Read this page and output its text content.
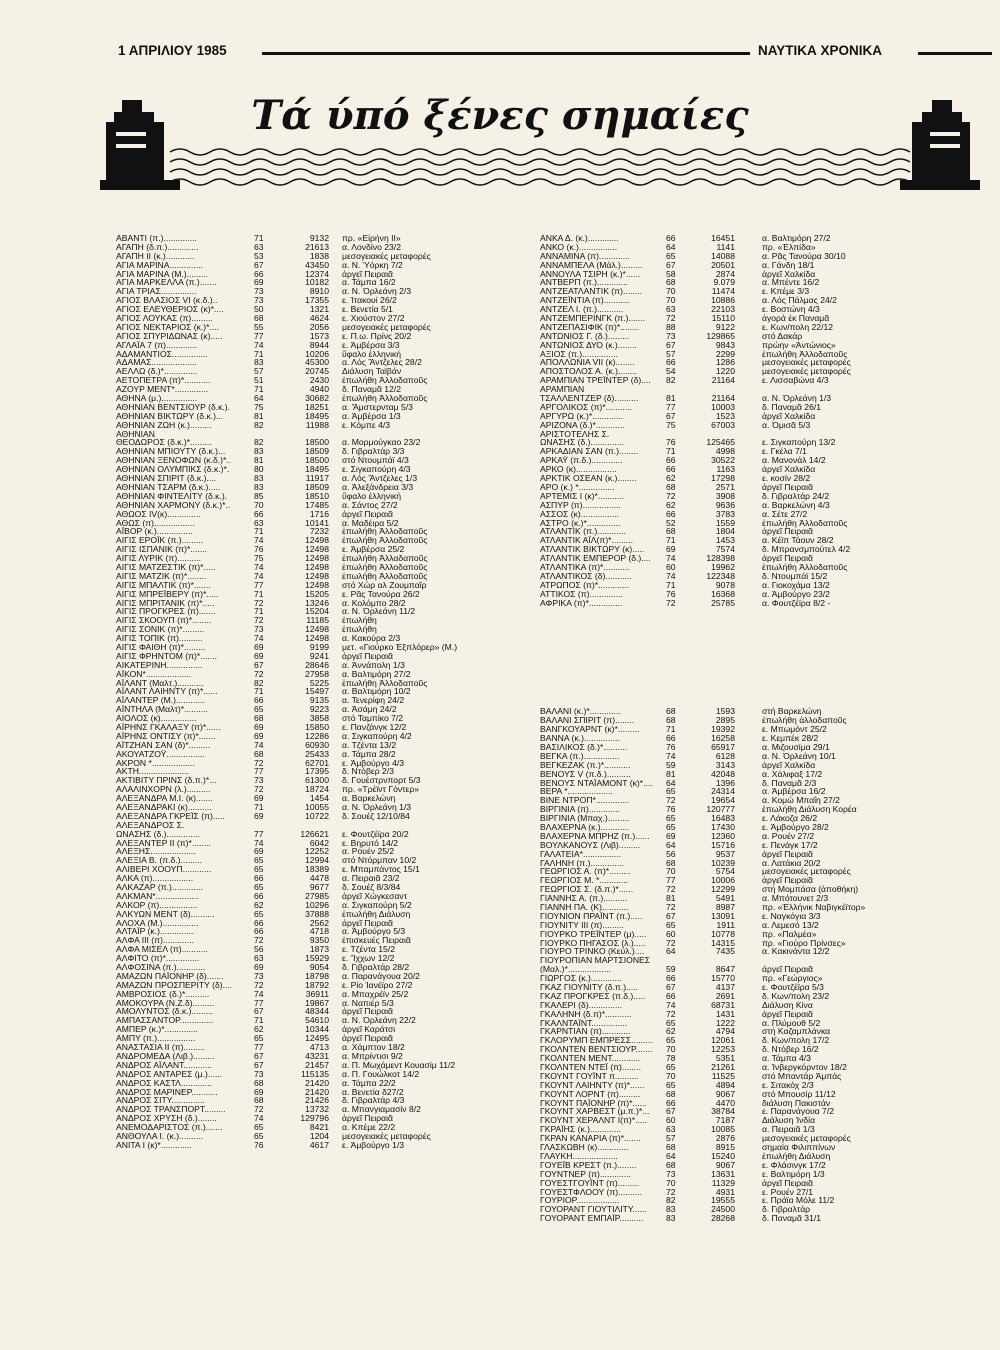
1 ΑΠΡΙΛΙΟΥ 1985	ΝΑΥΤΙΚΑ ΧΡΟΝΙΚΑ
Τά ύπό ξένες σημαίες
ΑΒΑΝΤΙ (π.)..............	71	9132 πρ. «Εἰρήνη ΙΙ»
ΑΓΑΠΗ (δ.π.).............	63	21613 α. Λονδίνο 23/2
ΑΓΑΠΗ ΙΙ (κ.)............	53	1838 μεσογειακές μεταφορές
ΑΓΙΑ ΜΑΡΙΝΑ..............	67	43450 α. Ν. Ὑόρκη 7/2
ΑΓΙΑ ΜΑΡΙΝΑ (Μ.).........	66	12374 ἀργεῖ Πειραιᾶ
ΑΓΙΑ ΜΑΡΚΕΛΛΑ (π.).......	69	10182 α. Τάμπα 16/2
ΑΓΙΑ ΤΡΙΑΣ...............	73	8910 α. Ν. Ὀρλεάνη 2/3
ΑΓΙΟΣ ΒΛΑΣΙΟΣ VI (κ.δ.)..	73	17355 ε. Ἰτακουί 26/2
ΑΓΙΟΣ ΕΛΕΥΘΕΡΙΟΣ (κ)*....	50	1321 ε. Βενετία 5/1
ΑΓΙΟΣ ΛΟΥΚΑΣ (π).........	68	4624 ε. Χιούστον 27/2
ΑΓΙΟΣ ΝΕΚΤΑΡΙΟΣ (κ.)*....	55	2056 μεσογειακές μεταφορές
ΑΓΙΟΣ ΣΠΥΡΙΔΩΝΑΣ (κ).....	77	1573 ε. Π.ω. Πρίνς 20/2
ΑΓΛΑΪΑ 7 (π).............	74	8944 ε. Ἀμβέρσα 3/3
ΑΔΑΜΑΝΤΙΟΣ...............	71	10206 ὕφαλο ἑλληνική
ΑΔΑΜΑΣ...................	83	45300 α. Λός Ἄντζελες 28/2
ΑΕΛΛΩ (δ.)*..............	57	20745 Διάλυση Ταϊβάν
ΑΕΤΟΠΕΤΡΑ (π)*...........	51	2430 ἐπωλήθη Ἀλλοδαποῦς
ΑΖΟΥΡ ΜΕΝΤ*..............	71	4940 δ. Παναμᾶ 12/2
ΑΘΗΝΑ (μ.)...............	64	30682 ἐπωλήθη Ἀλλοδαποῦς
ΑΘΗΝΙΑΝ ΒΕΝΤΣΙΟΥΡ (δ.κ.).	75	18251 α. Ἄμστερνταμ 5/3
ΑΘΗΝΙΑΝ ΒΙΚΤΩΡΥ (δ.κ.)...	81	18495 α. Ἀμβέρσα 1/3
ΑΘΗΝΙΑΝ ΖΩΗ (κ.).........	82	11988 ε. Κόμπε 4/3
ΑΘΗΝΙΑΝ
ΘΕΟΔΩΡΟΣ (δ.κ.)*.........	82	18500 α. Μορμούγκαο 23/2
ΑΘΗΝΙΑΝ ΜΠΙΟΥΤΥ (δ.κ.)...	83	18509 δ. Γιβραλτάρ 3/3
ΑΘΗΝΙΑΝ ΞΕΝΟΦΩΝ (κ.δ.)*..	81	18500 στό Ντουμπάϊ 4/3
ΑΘΗΝΙΑΝ ΟΛΥΜΠΙΚΣ (δ.κ.)*.	80	18495 ε. Σιγκαπούρη 4/3
ΑΘΗΝΙΑΝ ΣΠΙΡΙΤ (δ.κ.)....	83	11917 α. Λός Ἄντζελες 1/3
ΑΘΗΝΙΑΝ ΤΣΑΡΜ (δ.κ.).....	83	18509 α. Ἀλεξάνδρεια 3/3
ΑΘΗΝΙΑΝ ΦΙΝΤΕΛΙΤΥ (δ.κ.).	85	18510 ὕφαλο ἑλληνική
ΑΘΗΝΙΑΝ ΧΑΡΜΟΝΥ (δ.κ.)*..	70	17485 α. Σάντος 27/2
ΑΘΩΟΣ IV(κ)..............	66	1716 ἀργεῖ Πειραιᾶ
ΑΘΩΣ (π).................	63	10141 α. Μαδέιρα 5/2
ΑΪΒΟΡ (κ.)...............	71	7232 ἐπωλήθη Ἀλλοδαποῦς
ΑΙΓΙΣ ΕΡΟΪΚ (π.).........	74	12498 ἐπωλήθη Ἀλλοδαποῦς
ΑΙΓΙΣ ΙΣΠΑΝΙΚ (π)*.......	76	12498 ε. Ἀμβέρσα 25/2
ΑΙΓΙΣ ΛΥΡΙΚ (π)..........	75	12498 ἐπωλήθη Ἀλλαδαποῦς
ΑΙΓΙΣ ΜΑΤΖΕΣΤΙΚ (π)*.....	74	12498 ἐπωλήθη Ἀλλοδαποῦς
ΑΙΓΙΣ ΜΑΤΖΙΚ (π)*........	74	12498 ἐπωλήθη Ἀλλοδαποῦς
ΑΙΓΙΣ ΜΠΑΛΤΙΚ (π)*.......	77	12498 στό Χώρ αλ Ζουμπαΐρ
ΑΙΓΙΣ ΜΠΡΕΪΒΕΡΥ (π)*.....	71	15205 ε. Ρᾶς Τανούρα 26/2
ΑΙΓΙΣ ΜΠΡΙΤΑΝΙΚ (π)*.....	72	13246 α. Κολόμπο 28/2
ΑΙΓΙΣ ΠΡΟΓΚΡΕΣ (π).......	71	15204 α. Ν. Ὀρλεάνη 11/2
ΑΙΓΙΣ ΣΚΟΟΥΠ (π)*........	72	11185 ἐπωλήθη
ΑΙΓΙΣ ΣΟΝΙΚ (π)*.........	73	12498 ἐπωλήθη
ΑΙΓΙΣ ΤΟΠΙΚ (π)..........	74	12498 α. Κακούρα 2/3
ΑΙΓΙΣ ΦΑΙΘΗ (π)*.........	69	9199 μετ. «Γιούρκο Ἐξπλόρερ» (Μ.)
ΑΙΓΙΣ ΦΡΗΝΤΟΜ (π)*.......	69	9241 ἀργεῖ Πειραιᾶ
ΑΙΚΑΤΕΡΙΝΗ...............	67	28646 α. Ἀννάπολη 1/3
ΑΪΚΟΝ*...................	72	27958 α. Βαλτιμόρη 27/2
ΑΪΛΑΝΤ (Μαλτ.)...........	82	5225 ἐπωλήθη Ἀλλοδαποῦς
ΑΪΛΑΝΤ ΛΑΙΗΝΤΥ (π)*......	71	15497 α. Βαλτιμόρη 10/2
ΑΪΛΑΝΤΕΡ (Μ.)............	66	9135 α. Τενερίφη 24/2
ΑΪΝΤΗΛΑ (Μαλτ)*..........	65	9223 α. Ἀσάμη 24/2
ΑΙΟΛΟΣ (κ)...............	68	3858 στό Ταμπίκο 7/2
ΑΪΡΗΝΣ ΓΚΑΛΑΞΥ (π)*......	69	15850 ε. Πανζάνγκ 12/2
ΑΪΡΗΝΣ ΟΝΤΙΣΥ (π)*.......	69	12286 α. Σιγκαπούρη 4/2
ΑΪΤΖΗΑΝ ΣΑΝ (δ)*.........	74	60930 α. Τζέντα 13/2
ΑΚΟΥΑΤΖΟΫ................	68	25433 α. Τάμπα 28/2
ΑΚΡΟΝ *..................	72	62701 ε. Ἀμβούργο 4/3
ΑΚΤΗ.....................	77	17395 δ. Ντόβερ 2/3
ΑΚΤΙΒΙΤΥ ΠΡΙΝΣ (δ.π.)*...	73	61300 δ. Γουέστρνπορτ 5/3
ΑΛΑΛΙΝΧΟΡΝ (λ.)..........	72	18724 πρ. «Τρέϊντ Γόντερ»
ΑΛΕΞΑΝΔΡΑ Μ.Ι. (κ).......	69	1454 α. Βαρκελώνη
ΑΛΕΞΑΝΔΡΑΚΙ (κ)..........	71	10055 α. Ν. Ὀρλεάνη 1/3
ΑΛΕΞΑΝΔΡΑ ΓΚΡΕΪΣ (π).....	69	10722 δ. Σουέζ 12/10/84
ΑΛΕΞΑΝΔΡΟΣ Σ.
ΩΝΑΣΗΣ (δ.)..............	77	126621 ε. Φουτζέϊρα 20/2
ΑΛΕΞΑΝΤΕΡ ΙΙ (π)*........	74	6042 ε. Βηρυτό 14/2
ΑΛΕΞΗΣ...................	69	12252 α. Ρουέν 25/2
ΑΛΕΞΙΑ Β. (π.δ.).........	65	12994 στό Ντόρμπαν 10/2
ΑΛΙΒΕΡΙ ΧΟΟΥΠ............	65	18389 ε. Μπαμπάντος 15/1
ΑΛΚΑ (π).................	66	4478 α. Πειραιᾶ 23/2
ΑΛΚΑΖΑΡ (π.).............	65	9677 δ. Σουέζ 8/3/84
ΑΛΚΜΑΝ*..................	66	27985 ἀργεῖ Χώγκεσαντ
ΑΛΚΟΡ (π)................	62	10296 α. Σιγκαπούρη 5/2
ΑΛΚΥΩΝ ΜΕΝΤ (δ)..........	65	37888 ἐπωλήθη Διάλυση
ΑΛΟΧΑ (Μ.)...............	66	2562 ἀργεῖ Πειραιᾶ
ΑΛΤΑΪΡ (κ.)..............	66	4718 α. Ἀμβούργο 5/3
ΑΛΦΑ ΙΙΙ (π).............	72	9350 ἐπισκευές Πειραιᾶ
ΑΛΦΑ ΜΙΣΕΛ (π)...........	56	1873 ε. Τζέντα 15/2
ΑΛΦΙΤΟ (π)*..............	63	15929 ε. Ἴχχων 12/2
ΑΛΦΟΣΙΝΑ (π.)............	69	9054 δ. Γιβραλτάρ 28/2
ΑΜΑΖΩΝ ΠΑΪΟΝΗΡ (δ).......	73	18798 α. Παρανάγουα 20/2
ΑΜΑΖΩΝ ΠΡΟΣΠΕΡΙΤΥ (δ)....	72	18792 ε. Ρίο Ἰανέϊρο 27/2
ΑΜΒΡΟΣΙΟΣ (δ.)*..........	74	36911 α. Μπαχρέϊν 25/2
ΑΜΟΚΟΥΡΑ (Ν.Ζ.δ).........	77	19867 α. Ναπιέρ 5/3
ΑΜΟΛΥΝΤΟΣ (δ.κ.).........	67	48344 ἀργεῖ Πειραιᾶ
ΑΜΠΑΣΣΑΝΤΟΡ..............	71	54610 α. Ν. Ὀρλεάνη 22/2
ΑΜΠΕΡ (κ.)*..............	62	10344 ἀργεῖ Καράτσι
ΑΜΠΥ (π.)................	65	12495 ἀργεῖ Πειραιᾶ
ΑΝΑΣΤΑΣΙΑ ΙΙ (π).........	77	4713 α. Χάμπτον 18/2
ΑΝΔΡΟΜΕΔΑ (Λιβ.).........	67	43231 α. Μπρίντισι 9/2
ΑΝΔΡΟΣ ΑΪΛΑΝΤ............	67	21457 α. Π. Μωχάμεντ Κουασίμ 11/2
ΑΝΔΡΟΣ ΑΝΤΑΡΕΣ (μ.)......	73	115135 α. Π. Γουώλκοτ 14/2
ΑΝΔΡΟΣ ΚΑΣΤΛ.............	68	21420 α. Τάμπα 22/2
ΑΝΔΡΟΣ ΜΑΡΙΝΕΡ...........	69	21420 α. Βενετία δ27/2
ΑΝΔΡΟΣ ΣΙΤΥ..............	68	21426 δ. Γιβραλτάρ 4/3
ΑΝΔΡΟΣ ΤΡΑΝΣΠΟΡΤ.........	72	13732 α. Μπανγιαμασίν 8/2
ΑΝΔΡΟΣ ΧΡΥΣΗ (δ.)........	74	129796 ἀργεῖ Πειραιᾶ
ΑΝΕΜΟΔΑΡΙΣΤΟΣ (π.).......	65	8421 α. Κπέμε 22/2
ΑΝΘΟΥΛΑ Ι. (κ.)..........	65	1204 μεσογειακές μεταφορές
ΑΝΙΤΑ Ι (κ)*.............	76	4617 ε. Ἀμβούργο 1/3
ΑΝΚΑ Δ. (κ.).............	66	16451	α. Βαλτιμόρη 27/2
ΑΝΚΟ (κ.)................	64	1141	πρ. «Ἐλπίδα»
ΑΝΝΑΜΙΝΑ (π).............	65	14088	α. Ρᾶς Τανούρα 30/10
ΑΝΝΑΜΠΕΛΑ (Μάλ.).........	67	20501	α. Γάνδη 18/1
ΑΝΝΟΥΛΑ ΤΣΙΡΗ (κ.)*......	58	2874	ἀργεῖ Χαλκίδα
ΑΝΤΒΕΡΠ (π.).............	68	9.079	α. Μπέντε 16/2
ΑΝΤΖΕΑΤΛΑΝΤΙΚ (π)........	70	11474	ε. Κπέμε 3/3
ΑΝΤΖΕΪΝΤΙΑ (π)...........	70	10886	α. Λός Πάλμας 24/2
ΑΝΤΖΕΛ Ι. (π.)...........	63	22103	ε. Βοστώνη 4/3
ΑΝΤΖΕΜΠΕΡΙΝΓΚ (π.)....... 72	15110	ἀγορά ἐκ Παναμᾶ
ΑΝΤΖΕΠΑΣΙΦΙΚ (π)*........	88	9122	ε. Κων/πολη 22/12
ΑΝΤΩΝΙΟΣ Γ. (δ.).........	73	129865	στό Δακάρ
ΑΝΤΩΝΙΟΣ ΔΥΟ (κ.)........	67	9843	πρώην «Ἀντώνιος»
ΑΞΙΟΣ (π.)...............	57	2299	ἐπωλήθη Ἀλλοδαποῦς
ΑΠΟΛΛΩΝΙΑ VII (κ)........	66	1286	μεσογειακές μεταφορές
ΑΠΟΣΤΟΛΟΣ Α. (κ.)........	54	1220	μεσογειακές μεταφορές
ΑΡΑΜΠΙΑΝ ΤΡΕΪΝΤΕΡ (δ).... 82	21164	ε. Λισσαβώνα 4/3
ΑΡΑΜΠΙΑΝ
ΤΣΑΛΛΕΝΤΖΕΡ (δ)..........	81	21164	α. Ν. Ὀρλεάνη 1/3
ΑΡΓΟΛΙΚΟΣ (π)*...........	77	10003	δ. Παναμᾶ 26/1
ΑΡΓΥΡΩ (κ.)*.............	67	1523	ἀργεῖ Χαλκίδα
ΑΡΙΖΟΝΑ (δ.)*............	75	67003	α. Ὀμισᾶ 5/3
ΑΡΙΣΤΟΤΕΛΗΣ Σ.
ΩΝΑΣΗΣ (δ.)..............	76	125465	ε. Σιγκαπούρη 13/2
ΑΡΚΑΔΙΑΝ ΣΑΝ (π.)........	71	4998	ε. Γκέλα 7/1
ΑΡΚΑΫ (π.δ.).............	66	30522	α. Μανονάλ 14/2
ΑΡΚΟ (κ).................	66	1163	ἀργεῖ Χαλκίδα
ΑΡΚΤΙΚ ΟΣΕΑΝ (κ.)........	62	17298	ε. κοσίν 28/2
ΑΡΟ (κ.) *...............	68	2571	ἀργεῖ Πειραιᾶ
ΑΡΤΕΜΙΣ Ι (κ)*...........	72	3908	δ. Γιβραλτάρ 24/2
ΑΣΠΥΡ (π)................	62	9636	α. Βαρκελώνη 4/3
ΑΣΣΟΣ (κ)................	66	3783	α. Σέτε 27/2
ΑΣΤΡΟ (κ.)*..............	52	1559	ἐπωλήθη Ἀλλοδαποῦς
ΑΤΛΑΝΤΙΚ (π.)............	68	1804	ἀργεῖ Πειραιᾶ
ΑΤΛΑΝΤΙΚ ΑΪΛ(π)*.........	71	1453	α. Κέϊπ Τάουν 28/2
ΑΤΛΑΝΤΙΚ ΒΙΚΤΩΡΥ (κ).....	69	7574	δ. Μπρανσμπούτελ 4/2
ΑΤΛΑΝΤΙΚ ΕΜΠΕΡΟΡ (δ.).... 74	128398	ἀργεῖ Πειραιᾶ
ΑΤΛΑΝΤΙΚΑ (π)*...........	60	19962	ἐπωλήθη Ἀλλοδαποῦς
ΑΤΛΑΝΤΙΚΟΣ (δ)...........	74	122348	δ. Ντουμπάϊ 15/2
ΑΤΡΩΠΟΣ (π)*.............	71	9078	α. Γιοκοχάμα 13/2
ΑΤΤΙΚΟΣ (π)..............	76	16368	α. Ἀμβούργο 23/2
ΑΦΡΙΚΑ (π)*..............	72	25785	α. Φουτζέϊρα 8/2 -
ΒΑΛΑΝΙ (κ.)*.............	68	1593	στή Βαρκελώνη
ΒΑΛΑΝΙ ΣΠΙΡΙΤ (π)........	68	2895	ἐπωλήθη ἀλλοδαποῦς
ΒΑΝΓΚΟΥΑΡΝΤ (κ)*.........	71	19392	ε. Μπωμόντ 25/2
ΒΑΝΝΑ (κ.)...............	66	16258	ε. Κεμπέκ 28/2
ΒΑΣΙΛΙΚΟΣ (δ.)*..........	76	65917	α. Μιζουσίμα 29/1
ΒΕΓΚΑ (π.)...............	74	6128	α. Ν. Ὀρλεάνη 10/1
ΒΕΓΚΕΖΑΚ (π.)*...........	59	3143	ἀργεῖ Χαλκίδα
ΒΕΝΟΥΣ V (π.δ.)..........	81	42048	α. Χάλιφαξ 17/2
ΒΕΝΟΥΣ ΝΤΑΪΑΜΟΝΤ (κ)*.... 64	1396	δ. Παναμᾶ 2/3
ΒΕΡΑ *...................	65	24314	α. Ἀμβέρσα 16/2
ΒΙΝΕ ΝΤΡΟΠ*..............	72	19654	α. Κομώ Μπαΐη 27/2
ΒΙΡΓΙΝΙΑ (π).............	76	120777	ἐπωλήθη Διάλυση Κορέα
ΒΙΡΓΙΝΙΑ (Μπαχ.).........	65	16483	ε. Λάκοζα 26/2
ΒΛΑΧΕΡΝΑ (κ.)............	65	17430	ε. Ἀμβούργο 28/2
ΒΛΑΧΕΡΝΑ ΜΠΡΗΖ (π.)...... 69	12360	α. Ρουέν 27/2
ΒΟΥΛΚΑΝΟΥΣ (Λιβ).........	64	15716	ε. Πενάγκ 17/2
ΓΑΛΑΤΕΙΑ*................	56	9537	ἀργεῖ Πειραιᾶ
ΓΑΛΗΝΗ (π.)..............	68	10239	α. Λατάκια 20/2
ΓΕΩΡΓΙΟΣ Α. (π)*.........	70	5754	μεσογειακές μεταφορές
ΓΕΩΡΓΙΟΣ Μ. *............	77	10006	ἀργεῖ Πειραιᾶ
ΓΕΩΡΓΙΟΣ Σ. (δ.π.)*......	72	12299	στή Μομπάσα (ἀποθήκη)
ΓΙΑΝΝΗΣ Α. (π.)..........	81	5491	α. Μπότουνετ 2/3
ΓΙΑΝΝΗ ΠΑ. (Κ)...........	72	8987	πρ. «Ἑλλήνικ Ναβιγκέϊτορ»
ΓΙΟΥΝΙΟΝ ΠΡΑΪΝΤ (π.).....	67	13091	ε. Ναγκόγια 3/3
ΓΙΟΥΝΙΤΥ ΙΙΙ (π).........	65	1911	α. Λεμεσό 13/2
ΓΙΟΥΡΚΟ ΤΡΕΪΝΤΕΡ (μ)..... 60	10778	πρ. «Παλμέα»
ΓΙΟΥΡΚΟ ΠΗΓΑΣΟΣ (λ.)..... 72	14315	πρ. «Γιούρο Πρίνσες»
ΓΙΟΥΡΟ ΤΡΙΝΚΟ (Κεύλ.)....	64	7435	α. Κακινάντα 12/2
ΓΙΟΥΡΟΠΙΑΝ ΜΑΡΤΣΙΟΝΕΣ
(Μαλ.)*..................	59	8647	ἀργεῖ Πειραιᾶ
ΓΙΩΡΓΟΣ (κ.).............	66	15770	πρ. «Γεώργιος»
ΓΚΑΖ ΓΙΟΥΝΙΤΥ (δ.π.).....	67	4137	ε. Φουτζέϊρα 5/3
ΓΚΑΖ ΠΡΟΓΚΡΕΣ (π.δ.)..... 66	2691	δ. Κων/πολη 23/2
ΓΚΑΛΕΡΙ (δ)..............	74	68731	Διάλυση Κίνα
ΓΚΑΛΗΝΗ (δ.π)*...........	72	1431	ἀργεῖ Πειραιᾶ
ΓΚΑΛΝΤΑΪΝΤ...............	65	1222	α. Πλύμουθ 5/2
ΓΚΑΡΝΤΙΑΝ (π)............	62	4794	στή Καζαμπλάνκα
ΓΚΛΟΡΥΜΠ ΕΜΠΡΕΣΣ......... 65	12061	δ. Κων/πολη 17/2
ΓΚΟΛΝΤΕΝ ΒΕΝΤΣΙΟΥΡ....... 70	12253	δ. Ντόβερ 16/2
ΓΚΟΛΝΤΕΝ ΜΕΝΤ............	78	5351	α. Τάμπα 4/3
ΓΚΟΛΝΤΕΝ ΝΤΕΪ (π)........	65	21261	α. Ἰνβεργκόρντον 18/2
ΓΚΟΥΝΤ ΓΟΥΪΝΤ π..........	70	11525	στό Μπαντάρ Ἀμπάς
ΓΚΟΥΝΤ ΛΑΙΗΝΤΥ (π)*......	65	4894	ε. Σιτακόχ 2/3
ΓΚΟΥΝΤ ΛΟΡΝΤ (π).........	68	9067	στό Μπουσίρ 11/12
ΓΚΟΥΝΤ ΠΑΪΟΝΗΡ (π)*...... 66	4470	διάλυση Πακιστάν
ΓΚΟΥΝΤ ΧΑΡΒΕΣΤ (μ.π.)*... 67	38784	ε. Παρανάγουα 7/2
ΓΚΟΥΝΤ ΧΕΡΑΛΝΤ Ι(π)*..... 60	7187	Διάλυση Ἰνδία
ΓΚΡΑΪΗΣ (κ.).............	63	10085	α. Πειραιᾶ 1/3
ΓΚΡΑΝ ΚΑΝΑΡΙΑ (π)*.......	57	2876	μεσογειακές μεταφορές
ΓΛΑΣΚΩΒΗ (κ).............	68	8915	σημαία Φιλιππίνων
ΓΛΑΥΚΗ...................	64	15240	ἐπωλήθη Διάλυση
ΓΟΥΕΪΒ ΚΡΕΣΤ (π.)........	68	9067	ε. Φλάσινγκ 17/2
ΓΟΥΝΤΝΕΡ (π).............	73	13631	ε. Βαλτιμόρη 1/3
ΓΟΥΕΣΤΓΟΥΪΝΤ (π).........	70	11329	ἀργεῖ Πειραιᾶ
ΓΟΥΕΣΤΦΛΟΟΥ (π)..........	72	4931	ε. Ρουέν 27/1
ΓΟΥΡΙΟΡ..................	82	19555	ε. Πράϊα Μόλε 11/2
ΓΟΥΟΡΑΝΤ ΓΙΟΥΤΙΛΙΤΥ...... 83	24500	δ. Γιβραλτάρ
ΓΟΥΟΡΑΝΤ ΕΜΠΑΪΡ..........	83	28268	δ. Παναμᾶ 31/1
